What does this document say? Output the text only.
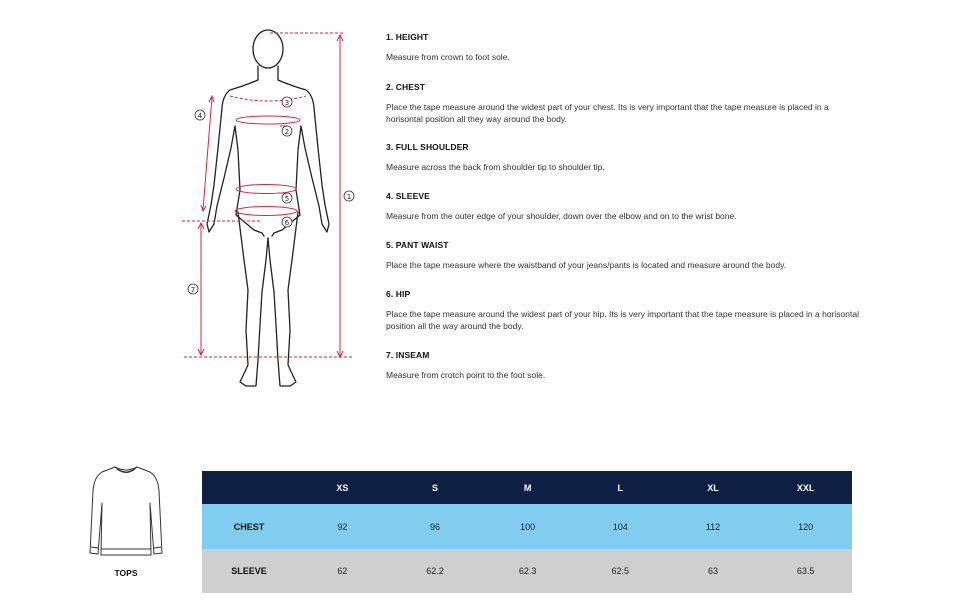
1
2
3
4
5
6
7
1. HEIGHT

Measure from crown to foot sole.

2. CHEST

Place the tape measure around the widest part of your chest. Its is very important that the tape measure is placed in a horisontal position all they way around the body.

3. FULL SHOULDER

Measure across the back from shoulder tip to shoulder tip.

4. SLEEVE

Measure from the outer edge of your shoulder, down over the elbow and on to the wrist bone.

5. PANT WAIST

Place the tape measure where the waistband of your jeans/pants is located and measure around the body.

6. HIP

Place the tape measure around the widest part of your hip. Its is very important that the tape measure is placed in a horisontal position all the way around the body.

7. INSEAM

Measure from crotch point to the foot sole.

TOPS
	XS	S	M	L	XL	XXL
CHEST	92	96	100	104	112	120
SLEEVE	62	62.2	62.3	62.5	63	63.5
